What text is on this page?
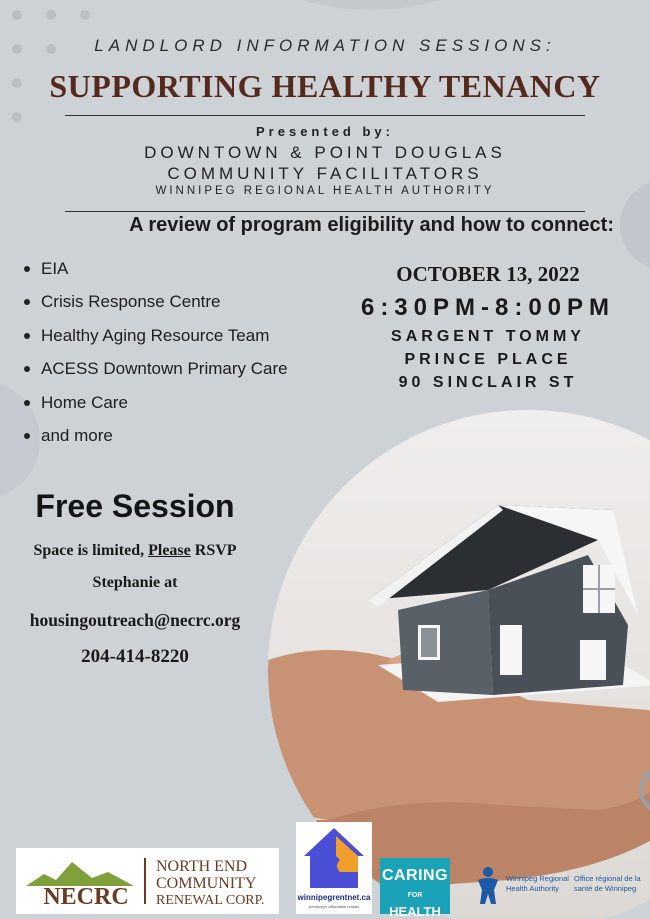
LANDLORD INFORMATION SESSIONS:
SUPPORTING HEALTHY TENANCY
Presented by:
DOWNTOWN & POINT DOUGLAS
COMMUNITY FACILITATORS
WINNIPEG REGIONAL HEALTH AUTHORITY
A review of program eligibility and how to connect:
EIA
Crisis Response Centre
Healthy Aging Resource Team
ACESS Downtown Primary Care
Home Care
and more
OCTOBER 13, 2022
6:30PM-8:00PM
SARGENT TOMMY
PRINCE PLACE
90 SINCLAIR ST
Free Session
Space is limited, Please RSVP
Stephanie at
housingoutreach@necrc.org
204-414-8220
NECRC
NORTH END
COMMUNITY
RENEWAL CORP.	winnipegrentnet.ca
winnipeg's affordable rentals
CARING
FOR HEALTH
Winnipeg Regional
Health Authority
Office régional de la
santé de Winnipeg
